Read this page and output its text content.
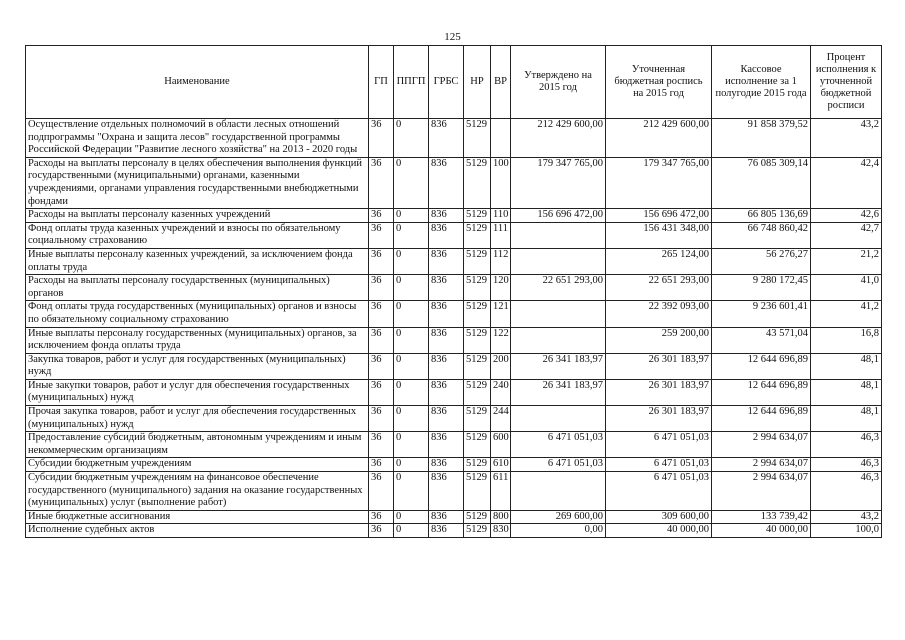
125
Наименование	ГП	ППГП	ГРБС	НР	ВР	Утверждено на 2015 год	Уточненная бюджетная роспись на 2015 год	Кассовое исполнение за 1 полугодие 2015 года	Процент исполнения к уточненной бюджетной росписи
Осуществление отдельных полномочий в области лесных отношений подпрограммы "Охрана и защита лесов" государственной программы Российской Федерации "Развитие лесного хозяйства" на 2013 - 2020 годы	36	0	836	5129		212 429 600,00	212 429 600,00	91 858 379,52	43,2
Расходы на выплаты персоналу в целях обеспечения выполнения функций государственными (муниципальными) органами, казенными учреждениями, органами управления государственными внебюджетными фондами	36	0	836	5129	100	179 347 765,00	179 347 765,00	76 085 309,14	42,4
Расходы на выплаты персоналу казенных учреждений	36	0	836	5129	110	156 696 472,00	156 696 472,00	66 805 136,69	42,6
Фонд оплаты труда казенных учреждений и взносы по обязательному социальному страхованию	36	0	836	5129	111		156 431 348,00	66 748 860,42	42,7
Иные выплаты персоналу казенных учреждений, за исключением фонда оплаты труда	36	0	836	5129	112		265 124,00	56 276,27	21,2
Расходы на выплаты персоналу государственных (муниципальных) органов	36	0	836	5129	120	22 651 293,00	22 651 293,00	9 280 172,45	41,0
Фонд оплаты труда государственных (муниципальных) органов и взносы по обязательному социальному страхованию	36	0	836	5129	121		22 392 093,00	9 236 601,41	41,2
Иные выплаты персоналу государственных (муниципальных) органов, за исключением фонда оплаты труда	36	0	836	5129	122		259 200,00	43 571,04	16,8
Закупка товаров, работ и услуг для государственных (муниципальных) нужд	36	0	836	5129	200	26 341 183,97	26 301 183,97	12 644 696,89	48,1
Иные закупки товаров, работ и услуг для обеспечения государственных (муниципальных) нужд	36	0	836	5129	240	26 341 183,97	26 301 183,97	12 644 696,89	48,1
Прочая закупка товаров, работ и услуг для обеспечения государственных (муниципальных) нужд	36	0	836	5129	244		26 301 183,97	12 644 696,89	48,1
Предоставление субсидий бюджетным, автономным учреждениям и иным некоммерческим организациям	36	0	836	5129	600	6 471 051,03	6 471 051,03	2 994 634,07	46,3
Субсидии бюджетным учреждениям	36	0	836	5129	610	6 471 051,03	6 471 051,03	2 994 634,07	46,3
Субсидии бюджетным учреждениям на финансовое обеспечение государственного (муниципального) задания на оказание государственных (муниципальных) услуг (выполнение работ)	36	0	836	5129	611		6 471 051,03	2 994 634,07	46,3
Иные бюджетные ассигнования	36	0	836	5129	800	269 600,00	309 600,00	133 739,42	43,2
Исполнение судебных актов	36	0	836	5129	830	0,00	40 000,00	40 000,00	100,0
